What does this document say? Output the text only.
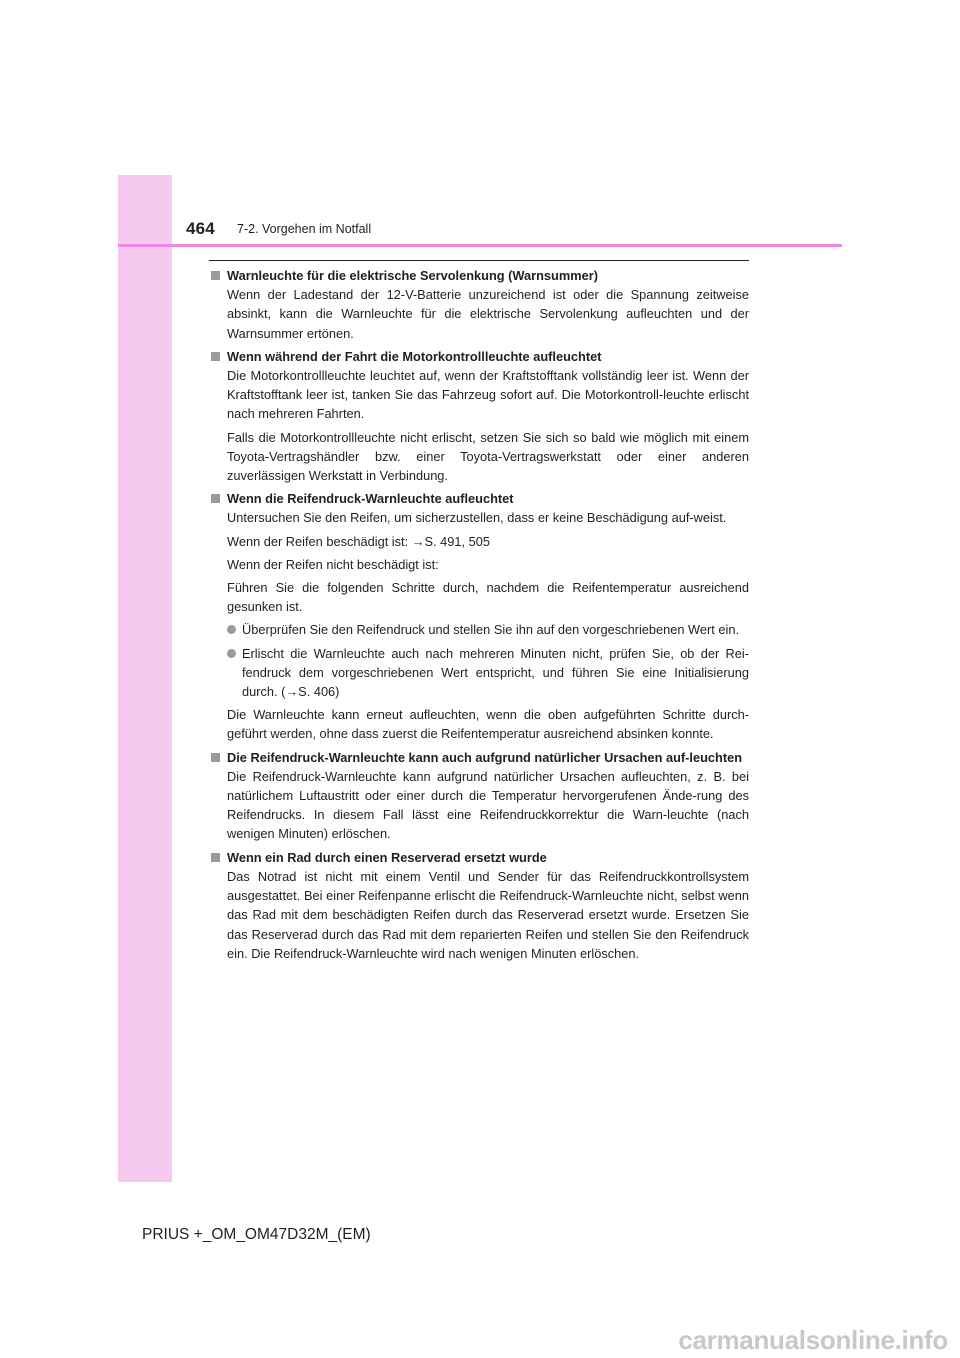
464 7-2. Vorgehen im Notfall
Warnleuchte für die elektrische Servolenkung (Warnsummer)

Wenn der Ladestand der 12-V-Batterie unzureichend ist oder die Spannung zeitweise absinkt, kann die Warnleuchte für die elektrische Servolenkung aufleuchten und der Warnsummer ertönen.

Wenn während der Fahrt die Motorkontrollleuchte aufleuchtet

Die Motorkontrollleuchte leuchtet auf, wenn der Kraftstofftank vollständig leer ist. Wenn der Kraftstofftank leer ist, tanken Sie das Fahrzeug sofort auf. Die Motorkontroll-leuchte erlischt nach mehreren Fahrten.

Falls die Motorkontrollleuchte nicht erlischt, setzen Sie sich so bald wie möglich mit einem Toyota-Vertragshändler bzw. einer Toyota-Vertragswerkstatt oder einer anderen zuverlässigen Werkstatt in Verbindung.

Wenn die Reifendruck-Warnleuchte aufleuchtet

Untersuchen Sie den Reifen, um sicherzustellen, dass er keine Beschädigung auf-weist.

Wenn der Reifen beschädigt ist: →S. 491, 505

Wenn der Reifen nicht beschädigt ist:

Führen Sie die folgenden Schritte durch, nachdem die Reifentemperatur ausreichend gesunken ist.

Überprüfen Sie den Reifendruck und stellen Sie ihn auf den vorgeschriebenen Wert ein.
Erlischt die Warnleuchte auch nach mehreren Minuten nicht, prüfen Sie, ob der Rei-fendruck dem vorgeschriebenen Wert entspricht, und führen Sie eine Initialisierung durch. (→S. 406)

Die Warnleuchte kann erneut aufleuchten, wenn die oben aufgeführten Schritte durch-geführt werden, ohne dass zuerst die Reifentemperatur ausreichend absinken konnte.

Die Reifendruck-Warnleuchte kann auch aufgrund natürlicher Ursachen auf-leuchten

Die Reifendruck-Warnleuchte kann aufgrund natürlicher Ursachen aufleuchten, z. B. bei natürlichem Luftaustritt oder einer durch die Temperatur hervorgerufenen Ände-rung des Reifendrucks. In diesem Fall lässt eine Reifendruckkorrektur die Warn-leuchte (nach wenigen Minuten) erlöschen.

Wenn ein Rad durch einen Reserverad ersetzt wurde

Das Notrad ist nicht mit einem Ventil und Sender für das Reifendruckkontrollsystem ausgestattet. Bei einer Reifenpanne erlischt die Reifendruck-Warnleuchte nicht, selbst wenn das Rad mit dem beschädigten Reifen durch das Reserverad ersetzt wurde. Ersetzen Sie das Reserverad durch das Rad mit dem reparierten Reifen und stellen Sie den Reifendruck ein. Die Reifendruck-Warnleuchte wird nach wenigen Minuten erlöschen.

PRIUS +_OM_OM47D32M_(EM)
carmanualsonline.info
